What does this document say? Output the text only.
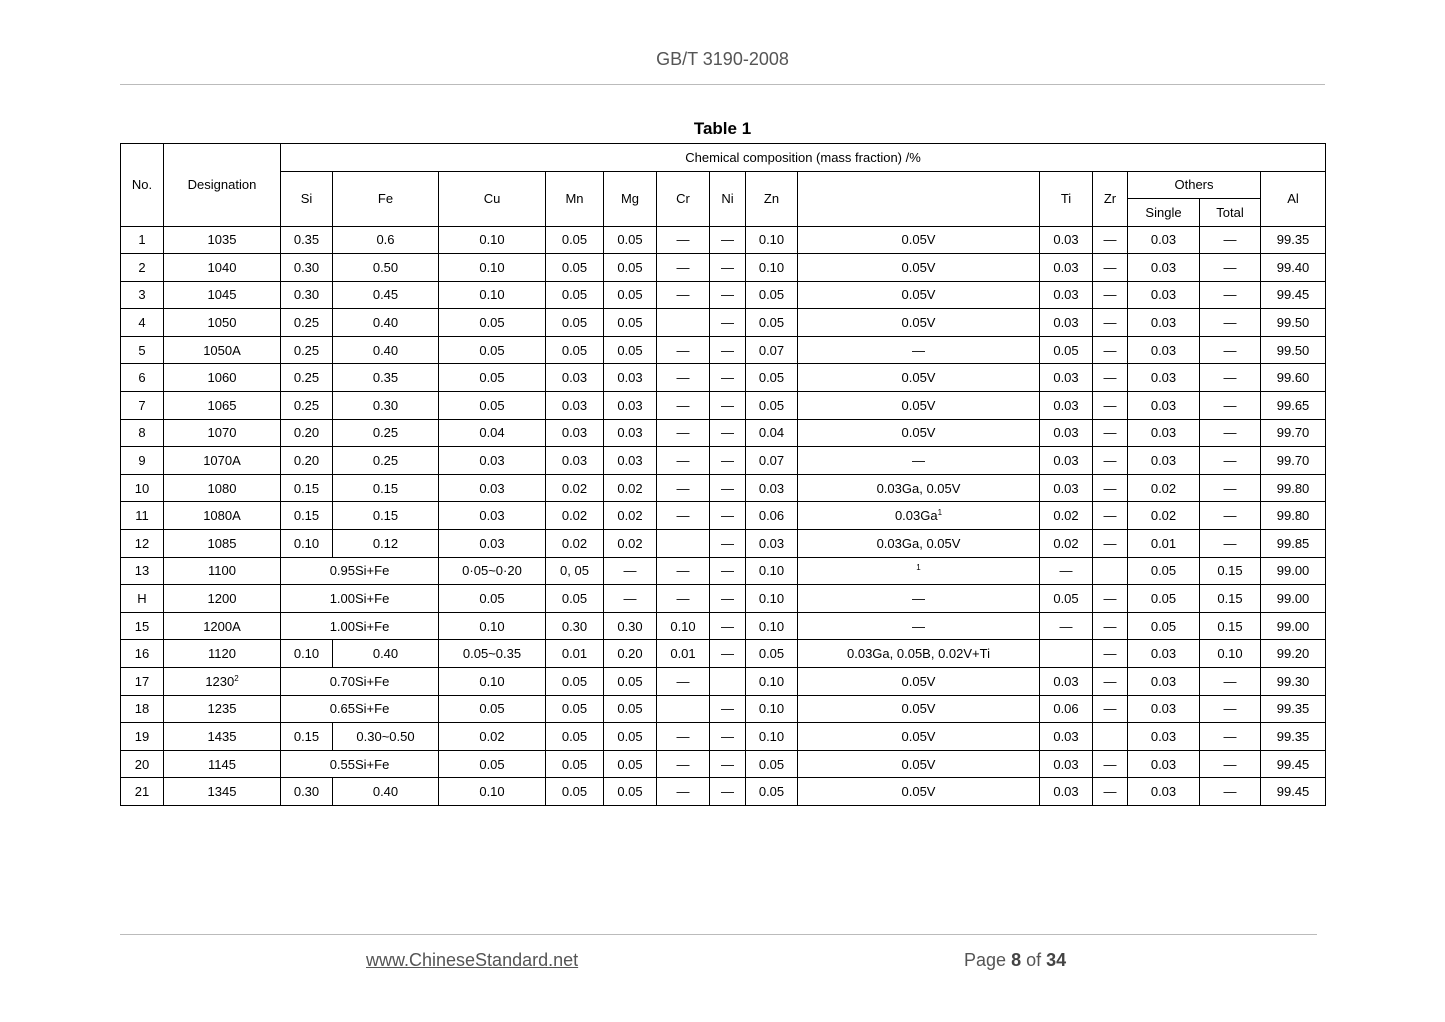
GB/T 3190-2008
Table 1
No.	Designation	Chemical composition (mass fraction) /%													
		Si	Fe	Cu	Mn	Mg	Cr	Ni	Zn		Ti	Zr	Others		Al
													Single	Total	
1	1035	0.35	0.6	0.10	0.05	0.05	—	—	0.10	0.05V	0.03	—	0.03	—	99.35
2	1040	0.30	0.50	0.10	0.05	0.05	—	—	0.10	0.05V	0.03	—	0.03	—	99.40
3	1045	0.30	0.45	0.10	0.05	0.05	—	—	0.05	0.05V	0.03	—	0.03	—	99.45
4	1050	0.25	0.40	0.05	0.05	0.05		—	0.05	0.05V	0.03	—	0.03	—	99.50
5	1050A	0.25	0.40	0.05	0.05	0.05	—	—	0.07	—	0.05	—	0.03	—	99.50
6	1060	0.25	0.35	0.05	0.03	0.03	—	—	0.05	0.05V	0.03	—	0.03	—	99.60
7	1065	0.25	0.30	0.05	0.03	0.03	—	—	0.05	0.05V	0.03	—	0.03	—	99.65
8	1070	0.20	0.25	0.04	0.03	0.03	—	—	0.04	0.05V	0.03	—	0.03	—	99.70
9	1070A	0.20	0.25	0.03	0.03	0.03	—	—	0.07	—	0.03	—	0.03	—	99.70
10	1080	0.15	0.15	0.03	0.02	0.02	—	—	0.03	0.03Ga, 0.05V	0.03	—	0.02	—	99.80
11	1080A	0.15	0.15	0.03	0.02	0.02	—	—	0.06	0.03Ga$^1$	0.02	—	0.02	—	99.80
12	1085	0.10	0.12	0.03	0.02	0.02		—	0.03	0.03Ga, 0.05V	0.02	—	0.01	—	99.85
13	1100	0.95Si+Fe		0·05~0·20	0, 05	—	—	—	0.10	$^1$	—		0.05	0.15	99.00
H	1200	1.00Si+Fe		0.05	0.05	—	—	—	0.10	—	0.05	—	0.05	0.15	99.00
15	1200A	1.00Si+Fe		0.10	0.30	0.30	0.10	—	0.10	—	—	—	0.05	0.15	99.00
16	1120	0.10	0.40	0.05~0.35	0.01	0.20	0.01	—	0.05	0.03Ga, 0.05B, 0.02V+Ti		—	0.03	0.10	99.20
17	1230$^2$	0.70Si+Fe		0.10	0.05	0.05	—		0.10	0.05V	0.03	—	0.03	—	99.30
18	1235	0.65Si+Fe		0.05	0.05	0.05		—	0.10	0.05V	0.06	—	0.03	—	99.35
19	1435	0.15	0.30~0.50	0.02	0.05	0.05	—	—	0.10	0.05V	0.03		0.03	—	99.35
20	1145	0.55Si+Fe		0.05	0.05	0.05	—	—	0.05	0.05V	0.03	—	0.03	—	99.45
21	1345	0.30	0.40	0.10	0.05	0.05	—	—	0.05	0.05V	0.03	—	0.03	—	99.45
www.ChineseStandard.net	Page 8 of 34
